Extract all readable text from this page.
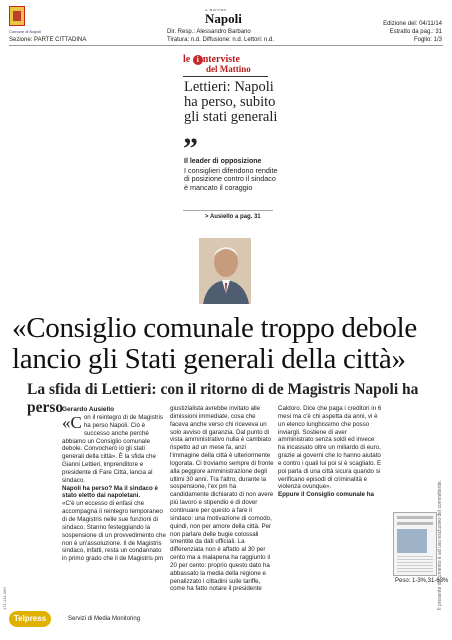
Comune di Napoli
Sezione: PARTE CITTADINA
IL MATTINO
Napoli
Dir. Resp.: Alessandro Barbano
Tiratura: n.d. Diffusione: n.d. Lettori: n.d.
Edizione del: 04/11/14
Estratto da pag.: 31
Foglio: 1/3
le i nterviste
del Mattino
Lettieri: Napoli ha perso, subito gli stati generali
”
Il leader di opposizione
I consiglieri difendono rendite di posizione contro il sindaco è mancato il coraggio
> Ausiello a pag. 31
«Consiglio comunale troppo debole lancio gli Stati generali della città»
La sfida di Lettieri: con il ritorno di de Magistris Napoli ha perso
Gerardo Ausiello

«Con il reintegro di de Magistris ha perso Napoli. Ciò è successo anche perché abbiamo un Consiglio comunale debole. Convocherò io gli stati generali della città». È la sfida che Gianni Lettieri, imprenditore e presidente di Fare Città, lancia al sindaco.

Napoli ha perso? Ma il sindaco è stato eletto dai napoletani.

«C'è un eccesso di enfasi che accompagna il reintegro temporaneo di de Magistris nelle sue funzioni di sindaco. Stanno festeggiando la sospensione di un provvedimento che non è un'assoluzione. Il de Magistris sindaco, infatti, resta un condannato in primo grado che il de Magistris pm

giustizialista avrebbe invitato alle dimissioni immediate, cosa che faceva anche verso chi riceveva un solo avviso di garanzia. Dal punto di vista amministrativo nulla è cambiato rispetto ad un mese fa, anzi l'immagine della città è ulteriormente logorata. Ci troviamo sempre di fronte alla peggiore amministrazione degli ultimi 30 anni. Tra l'altro, durante la sospensione, l'ex pm ha candidamente dichiarato di non avere più lavoro e stipendio e di dover continuare per questo a fare il sindaco: una motivazione di comodo, quindi, non per amore della città. Per non parlare delle bugie colossali smentite da dati ufficiali. La differenziata non è affatto al 30 per cento ma a malapena ha raggiunto il 20 per cento: proprio questo dato ha abbassato la media della regione e penalizzato i cittadini sulle tariffe, come ha fatto notare il presidente

Caldoro. Dice che paga i creditori in 6 mesi ma c'è chi aspetta da anni, vi è un elenco lunghissimo che posso inviargli. Sostiene di aver amministrato senza soldi ed invece ha incassato oltre un miliardo di euro, grazie ai governi che lo hanno aiutato e contro i quali lui poi si è scagliato. E poi parla di una città sicura quando si verificano episodi di criminalità e violenza ovunque».

Eppure il Consiglio comunale ha

Peso: 1-3%,31-63%
Il presente documento è ad uso esclusivo del committente.
171-131-080
Telpress	Servizi di Media Monitoring
